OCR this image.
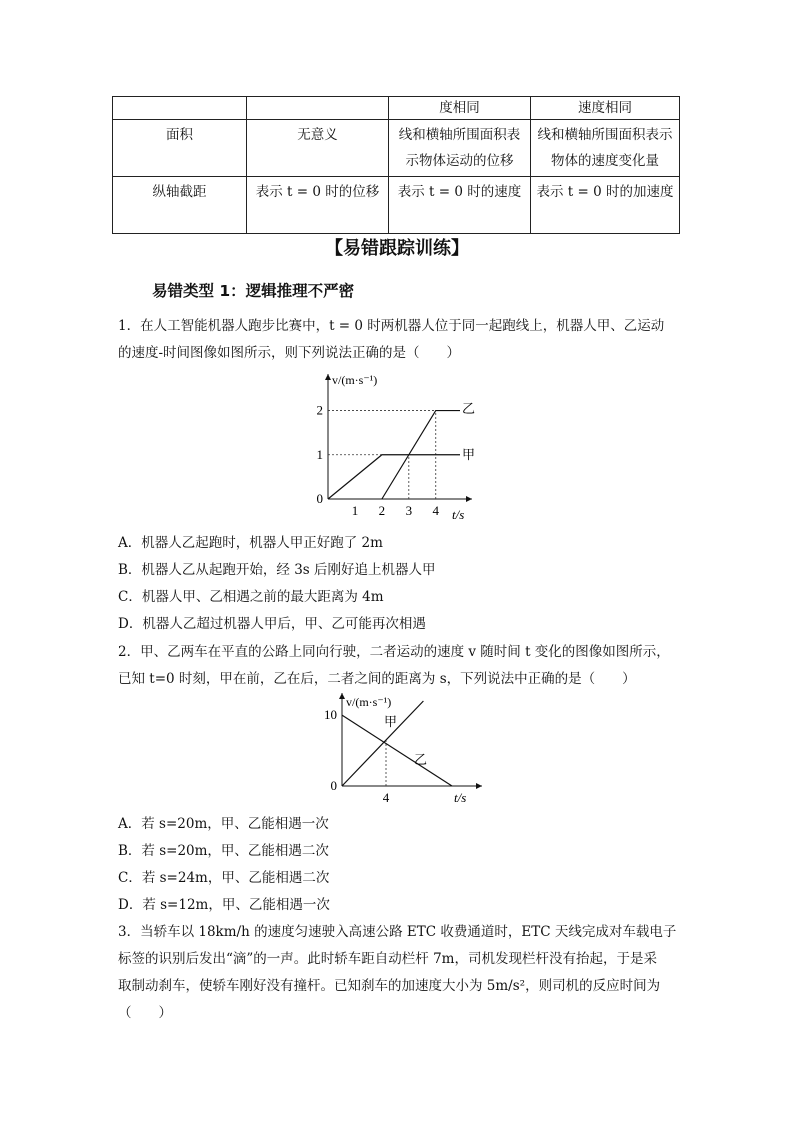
		度相同	速度相同
面积	无意义	线和横轴所围面积表示物体运动的位移	线和横轴所围面积表示物体的速度变化量
纵轴截距	表示 t = 0 时的位移	表示 t = 0 时的速度	表示 t = 0 时的加速度
【易错跟踪训练】
易错类型 1：逻辑推理不严密
1．在人工智能机器人跑步比赛中，t = 0 时两机器人位于同一起跑线上，机器人甲、乙运动
的速度-时间图像如图所示，则下列说法正确的是（　　）
甲
乙
1 2 3 4
0
1
2
t/s
v/(m·s⁻¹)
A．机器人乙起跑时，机器人甲正好跑了 2m
B．机器人乙从起跑开始，经 3s 后刚好追上机器人甲
C．机器人甲、乙相遇之前的最大距离为 4m
D．机器人乙超过机器人甲后，甲、乙可能再次相遇
2．甲、乙两车在平直的公路上同向行驶，二者运动的速度 v 随时间 t 变化的图像如图所示，
已知 t=0 时刻，甲在前，乙在后，二者之间的距离为 s，下列说法中正确的是（　　）
甲
乙
4
0
10
t/s
v/(m·s⁻¹)
A．若 s=20m，甲、乙能相遇一次
B．若 s=20m，甲、乙能相遇二次
C．若 s=24m，甲、乙能相遇二次
D．若 s=12m，甲、乙能相遇一次
3．当轿车以 18km/h 的速度匀速驶入高速公路 ETC 收费通道时，ETC 天线完成对车载电子
标签的识别后发出“滴”的一声。此时轿车距自动栏杆 7m，司机发现栏杆没有抬起，于是采
取制动刹车，使轿车刚好没有撞杆。已知刹车的加速度大小为 5m/s²，则司机的反应时间为
（　　）
